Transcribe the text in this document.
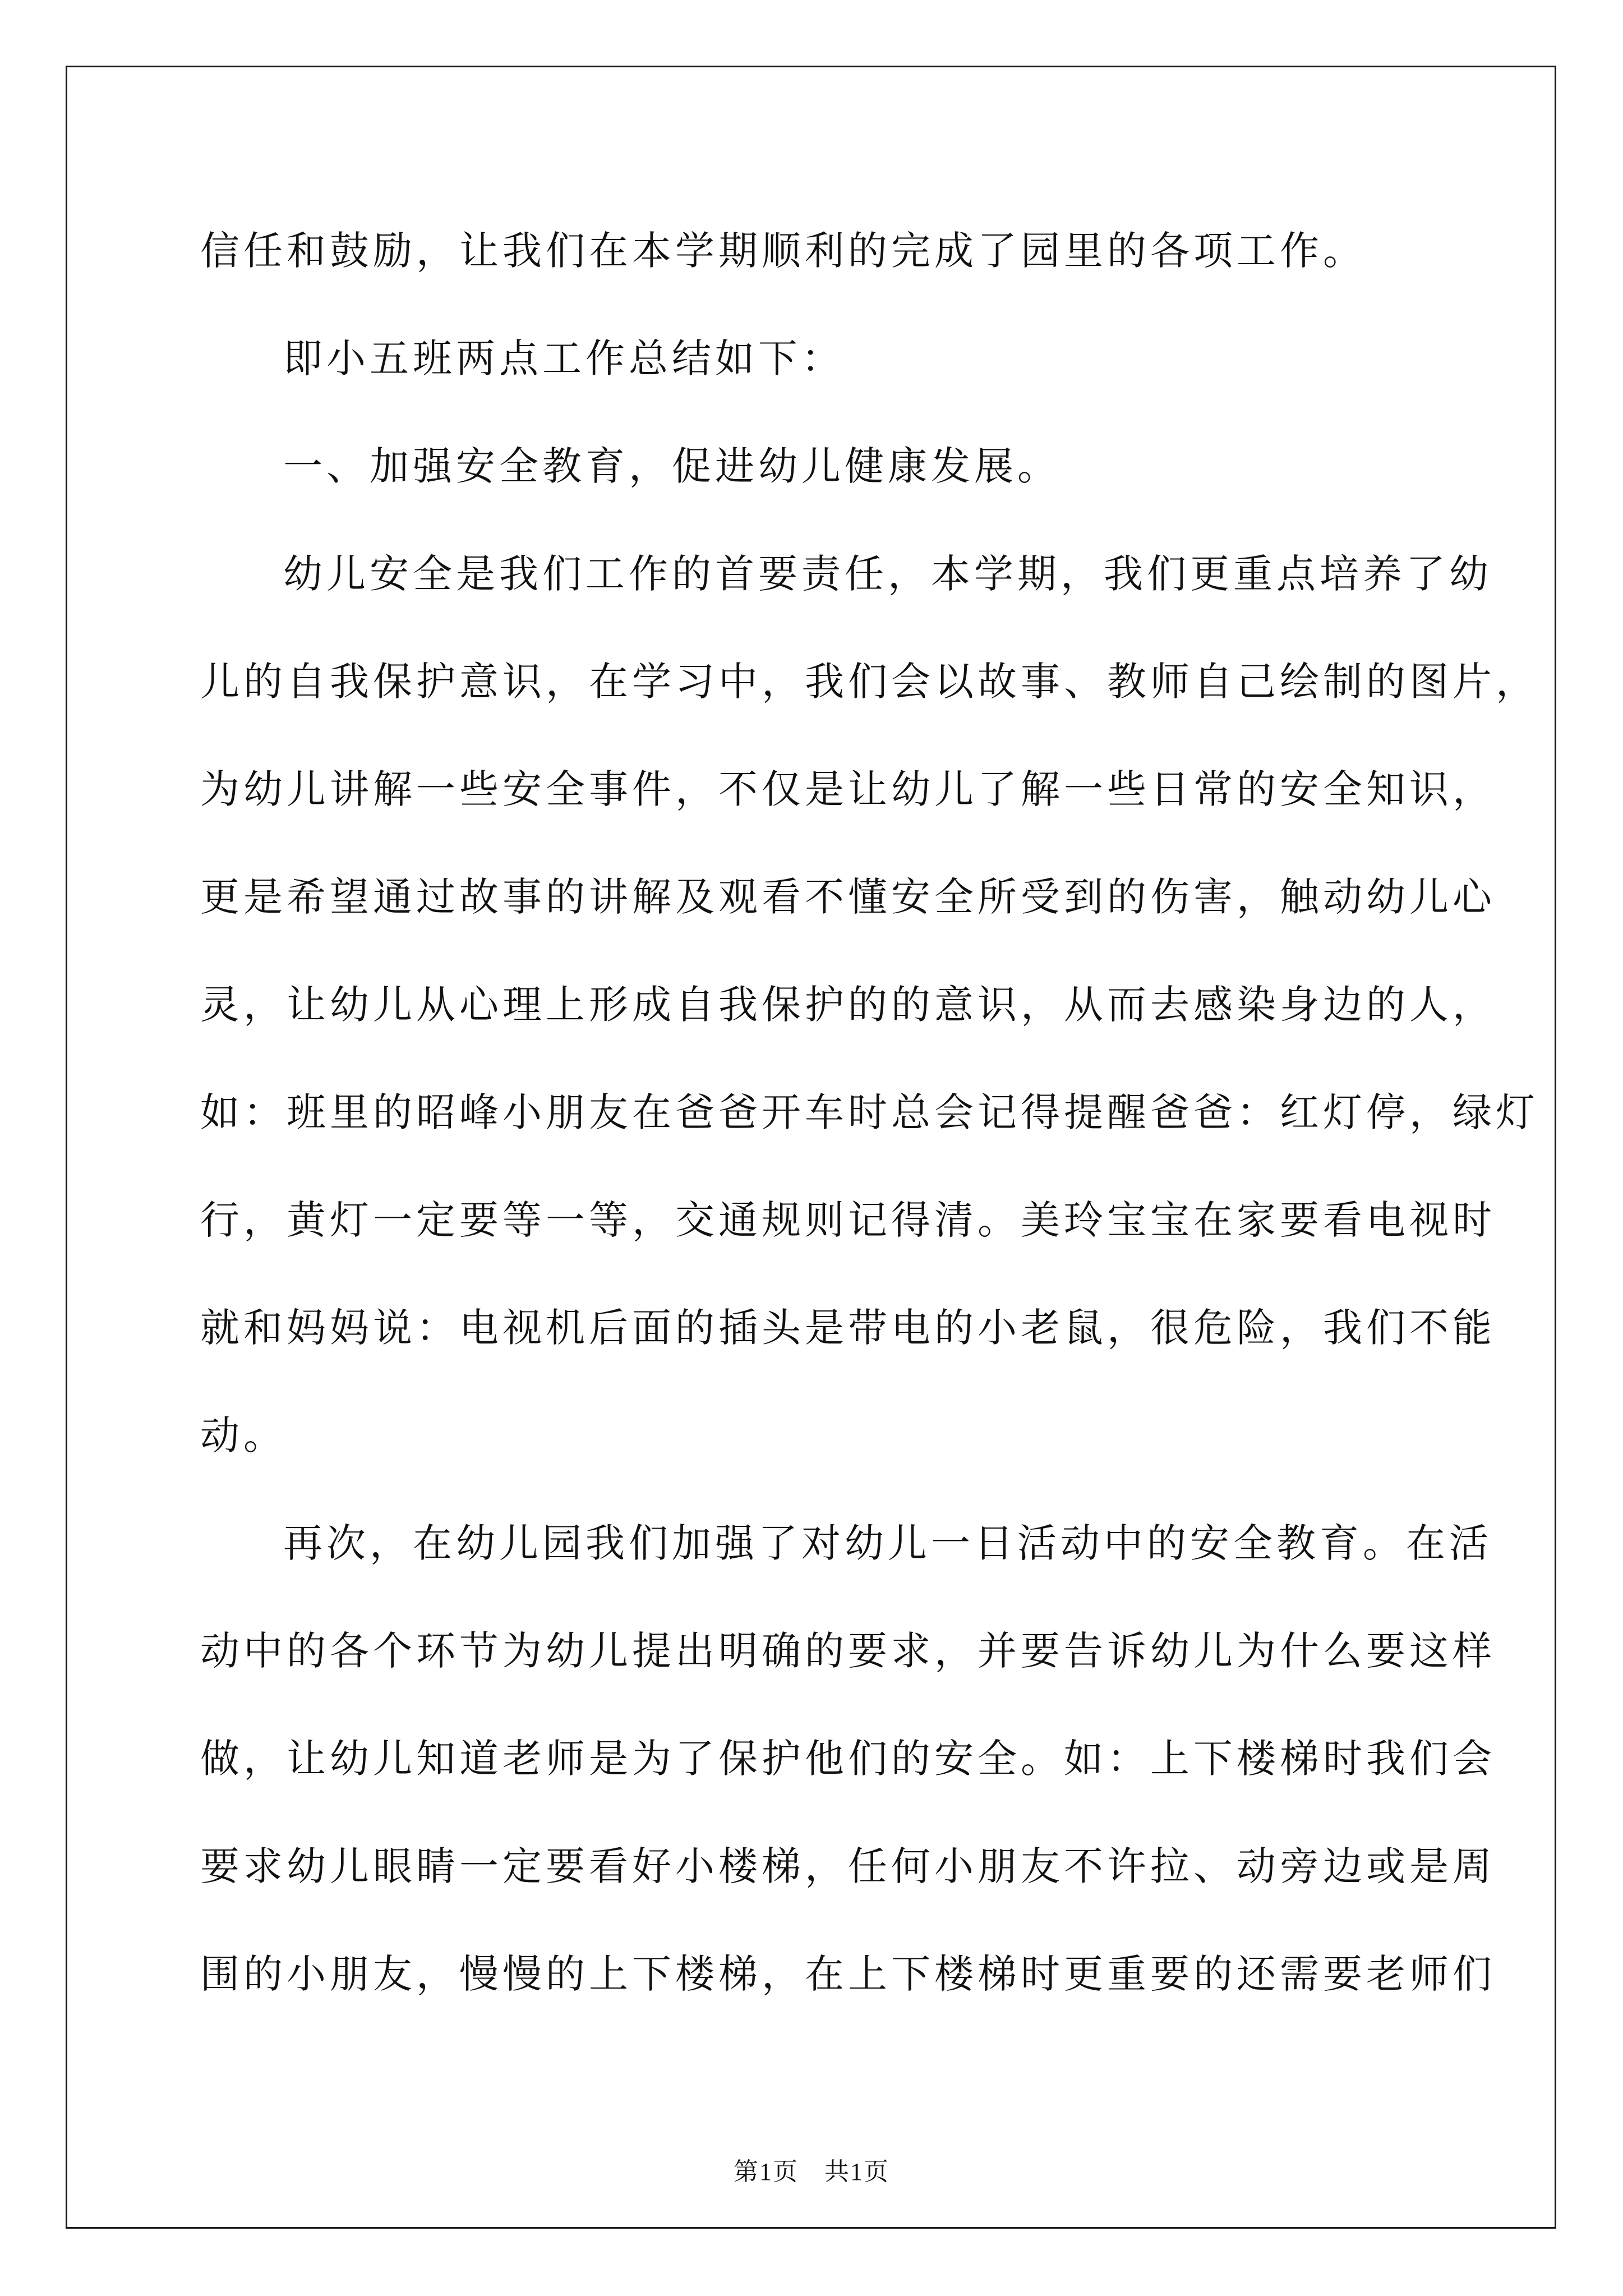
信任和鼓励，让我们在本学期顺利的完成了园里的各项工作。
即小五班两点工作总结如下：
一、加强安全教育，促进幼儿健康发展。
幼儿安全是我们工作的首要责任，本学期，我们更重点培养了幼
儿的自我保护意识，在学习中，我们会以故事、教师自己绘制的图片，
为幼儿讲解一些安全事件，不仅是让幼儿了解一些日常的安全知识，
更是希望通过故事的讲解及观看不懂安全所受到的伤害，触动幼儿心
灵，让幼儿从心理上形成自我保护的的意识，从而去感染身边的人，
如：班里的昭峰小朋友在爸爸开车时总会记得提醒爸爸：红灯停，绿灯
行，黄灯一定要等一等，交通规则记得清。美玲宝宝在家要看电视时
就和妈妈说：电视机后面的插头是带电的小老鼠，很危险，我们不能
动。
再次，在幼儿园我们加强了对幼儿一日活动中的安全教育。在活
动中的各个环节为幼儿提出明确的要求，并要告诉幼儿为什么要这样
做，让幼儿知道老师是为了保护他们的安全。如：上下楼梯时我们会
要求幼儿眼睛一定要看好小楼梯，任何小朋友不许拉、动旁边或是周
围的小朋友，慢慢的上下楼梯，在上下楼梯时更重要的还需要老师们
第1页　共1页
